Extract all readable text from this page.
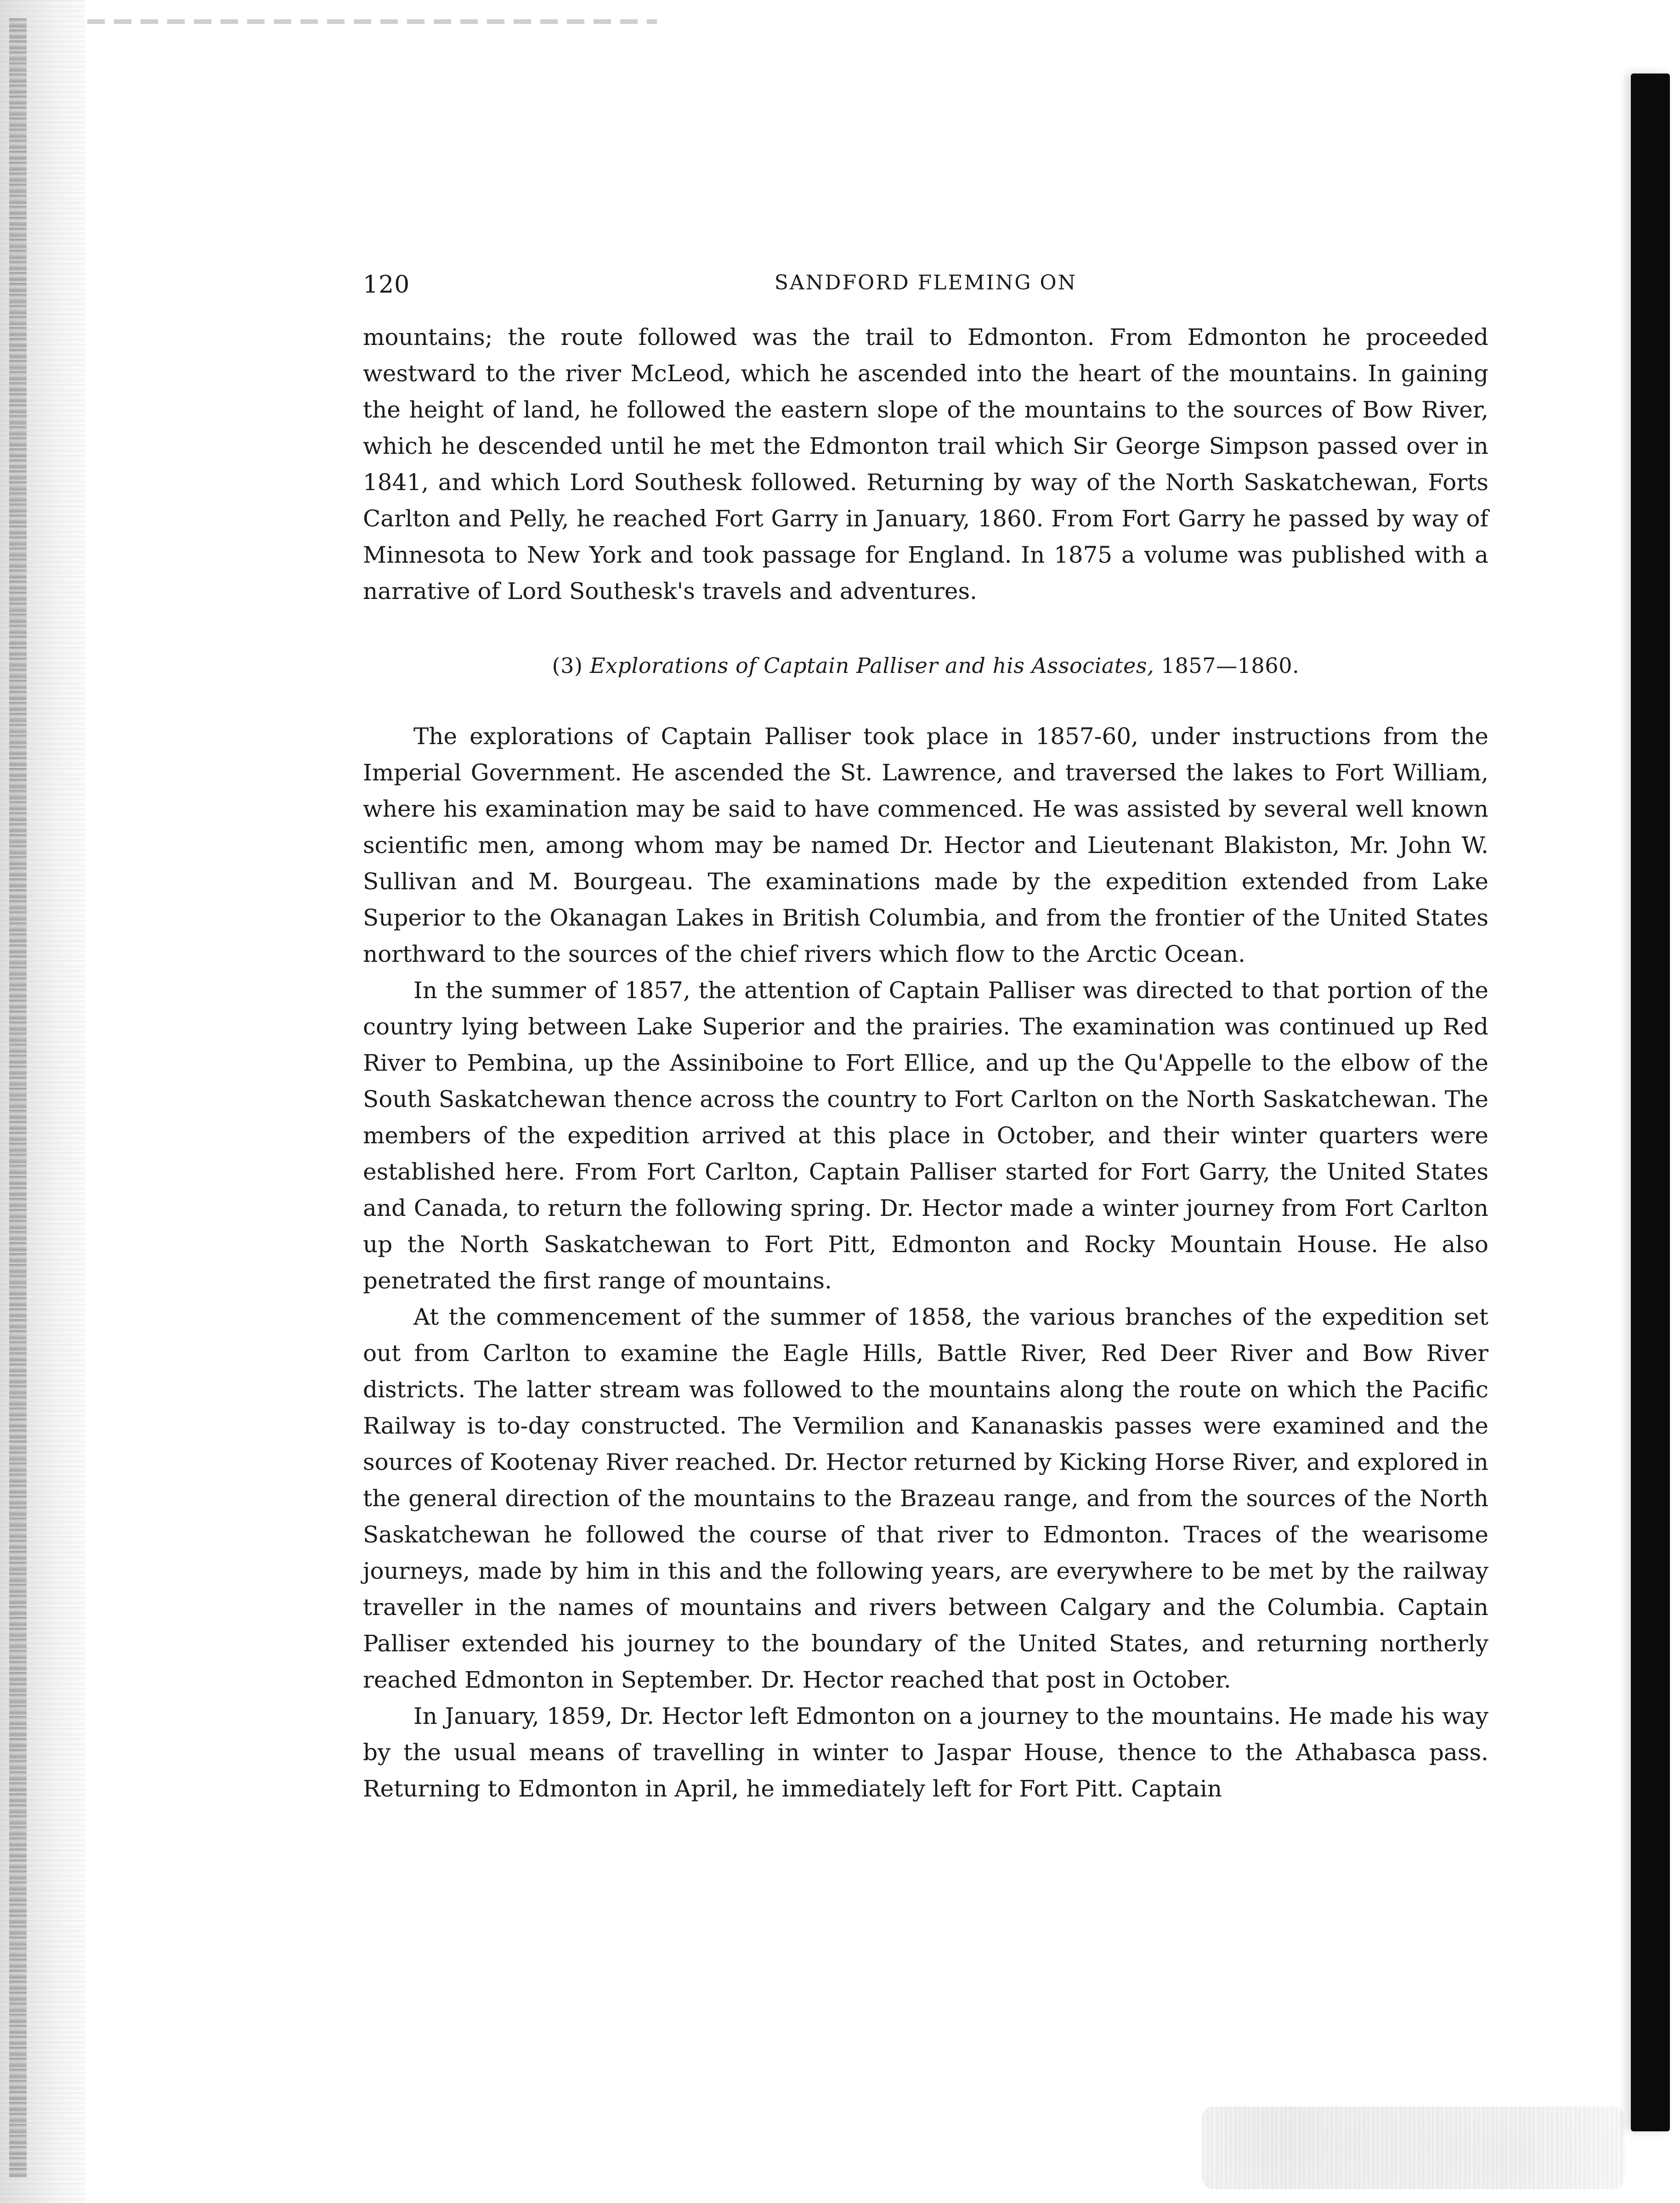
120	SANDFORD FLEMING ON

mountains; the route followed was the trail to Edmonton. From Edmonton he proceeded westward to the river McLeod, which he ascended into the heart of the mountains. In gaining the height of land, he followed the eastern slope of the mountains to the sources of Bow River, which he descended until he met the Edmonton trail which Sir George Simpson passed over in 1841, and which Lord Southesk followed. Returning by way of the North Saskatchewan, Forts Carlton and Pelly, he reached Fort Garry in January, 1860. From Fort Garry he passed by way of Minnesota to New York and took passage for England. In 1875 a volume was published with a narrative of Lord Southesk's travels and adventures.

(3) Explorations of Captain Palliser and his Associates, 1857—1860.

The explorations of Captain Palliser took place in 1857-60, under instructions from the Imperial Government. He ascended the St. Lawrence, and traversed the lakes to Fort William, where his examination may be said to have commenced. He was assisted by several well known scientific men, among whom may be named Dr. Hector and Lieutenant Blakiston, Mr. John W. Sullivan and M. Bourgeau. The examinations made by the expedition extended from Lake Superior to the Okanagan Lakes in British Columbia, and from the frontier of the United States northward to the sources of the chief rivers which flow to the Arctic Ocean.

In the summer of 1857, the attention of Captain Palliser was directed to that portion of the country lying between Lake Superior and the prairies. The examination was continued up Red River to Pembina, up the Assiniboine to Fort Ellice, and up the Qu'Appelle to the elbow of the South Saskatchewan thence across the country to Fort Carlton on the North Saskatchewan. The members of the expedition arrived at this place in October, and their winter quarters were established here. From Fort Carlton, Captain Palliser started for Fort Garry, the United States and Canada, to return the following spring. Dr. Hector made a winter journey from Fort Carlton up the North Saskatchewan to Fort Pitt, Edmonton and Rocky Mountain House. He also penetrated the first range of mountains.

At the commencement of the summer of 1858, the various branches of the expedition set out from Carlton to examine the Eagle Hills, Battle River, Red Deer River and Bow River districts. The latter stream was followed to the mountains along the route on which the Pacific Railway is to-day constructed. The Vermilion and Kananaskis passes were examined and the sources of Kootenay River reached. Dr. Hector returned by Kicking Horse River, and explored in the general direction of the mountains to the Brazeau range, and from the sources of the North Saskatchewan he followed the course of that river to Edmonton. Traces of the wearisome journeys, made by him in this and the following years, are everywhere to be met by the railway traveller in the names of mountains and rivers between Calgary and the Columbia. Captain Palliser extended his journey to the boundary of the United States, and returning northerly reached Edmonton in September. Dr. Hector reached that post in October.

In January, 1859, Dr. Hector left Edmonton on a journey to the mountains. He made his way by the usual means of travelling in winter to Jaspar House, thence to the Athabasca pass. Returning to Edmonton in April, he immediately left for Fort Pitt. Captain
